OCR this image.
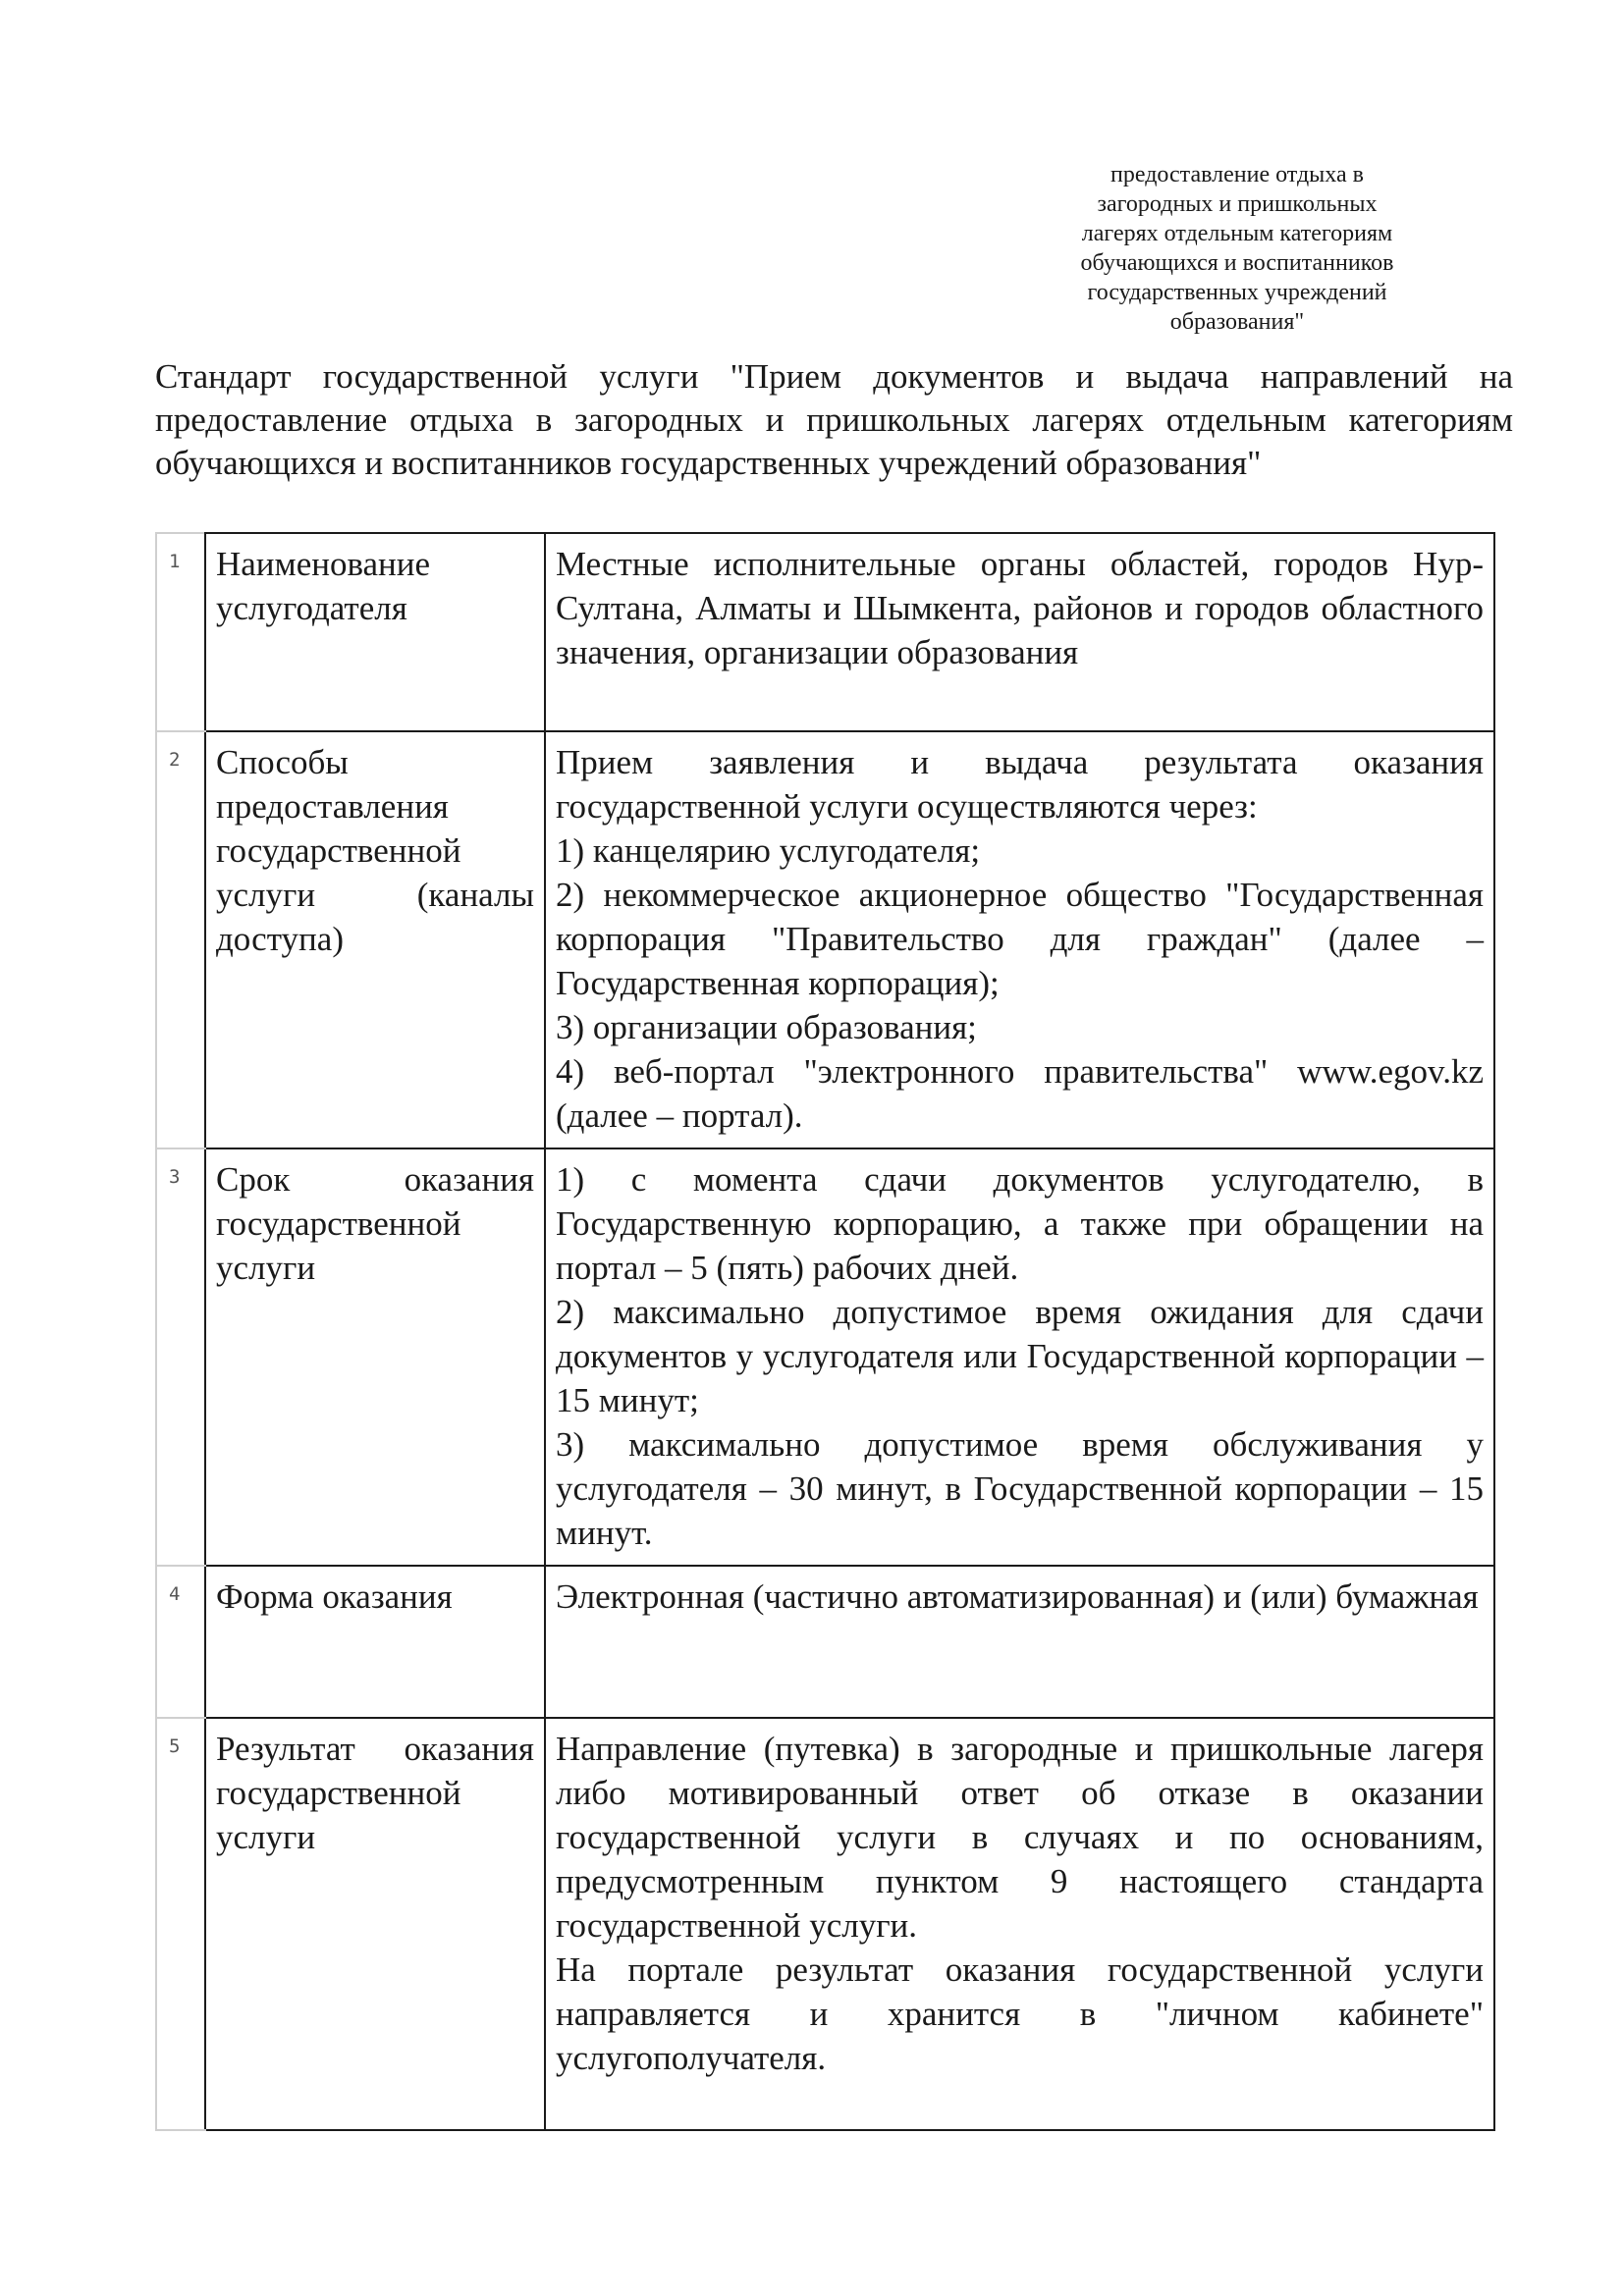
предоставление отдыха в
загородных и пришкольных
лагерях отдельным категориям
обучающихся и воспитанников
государственных учреждений
образования"
Стандарт государственной услуги "Прием документов и выдача направлений на предоставление отдыха в загородных и пришкольных лагерях отдельным категориям обучающихся и воспитанников государственных учреждений образования"
1	Наименование услугодателя	Местные исполнительные органы областей, городов Нур-Султана, Алматы и Шымкента, районов и городов областного значения, организации образования
2	Способы предоставления государственной услуги (каналы доступа)	Прием заявления и выдача результата оказания государственной услуги осуществляются через:
1) канцелярию услугодателя;
2) некоммерческое акционерное общество "Государственная корпорация "Правительство для граждан" (далее – Государственная корпорация);
3) организации образования;
4) веб-портал "электронного правительства" www.egov.kz (далее – портал).

3	Срок оказания государственной услуги	1) с момента сдачи документов услугодателю, в Государственную корпорацию, а также при обращении на портал – 5 (пять) рабочих дней.
2) максимально допустимое время ожидания для сдачи документов у услугодателя или Государственной корпорации – 15 минут;
3) максимально допустимое время обслуживания у услугодателя – 30 минут, в Государственной корпорации – 15 минут.

4	Форма оказания	Электронная (частично автоматизированная) и (или) бумажная
5	Результат оказания государственной услуги	Направление (путевка) в загородные и пришкольные лагеря либо мотивированный ответ об отказе в оказании государственной услуги в случаях и по основаниям, предусмотренным пунктом 9 настоящего стандарта государственной услуги.
На портале результат оказания государственной услуги направляется и хранится в "личном кабинете" услугополучателя.
